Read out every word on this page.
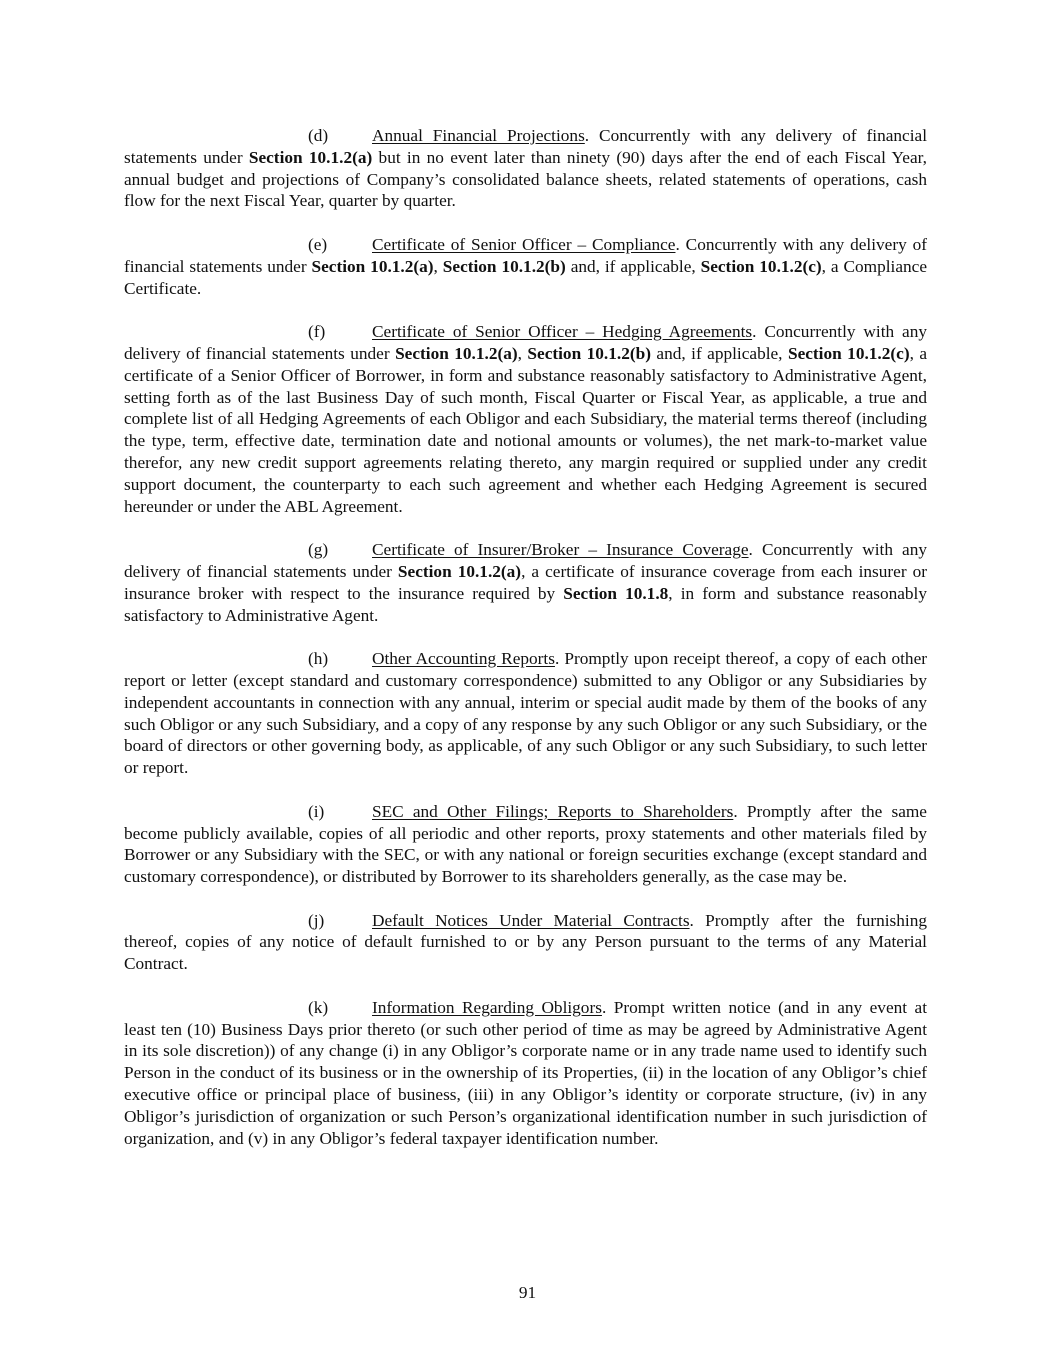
(d)	Annual Financial Projections. Concurrently with any delivery of financial statements under Section 10.1.2(a) but in no event later than ninety (90) days after the end of each Fiscal Year, annual budget and projections of Company’s consolidated balance sheets, related statements of operations, cash flow for the next Fiscal Year, quarter by quarter.

(e)	Certificate of Senior Officer – Compliance. Concurrently with any delivery of financial statements under Section 10.1.2(a), Section 10.1.2(b) and, if applicable, Section 10.1.2(c), a Compliance Certificate.

(f)	Certificate of Senior Officer – Hedging Agreements. Concurrently with any delivery of financial statements under Section 10.1.2(a), Section 10.1.2(b) and, if applicable, Section 10.1.2(c), a certificate of a Senior Officer of Borrower, in form and substance reasonably satisfactory to Administrative Agent, setting forth as of the last Business Day of such month, Fiscal Quarter or Fiscal Year, as applicable, a true and complete list of all Hedging Agreements of each Obligor and each Subsidiary, the material terms thereof (including the type, term, effective date, termination date and notional amounts or volumes), the net mark-to-market value therefor, any new credit support agreements relating thereto, any margin required or supplied under any credit support document, the counterparty to each such agreement and whether each Hedging Agreement is secured hereunder or under the ABL Agreement.

(g)	Certificate of Insurer/Broker – Insurance Coverage. Concurrently with any delivery of financial statements under Section 10.1.2(a), a certificate of insurance coverage from each insurer or insurance broker with respect to the insurance required by Section 10.1.8, in form and substance reasonably satisfactory to Administrative Agent.

(h)	Other Accounting Reports. Promptly upon receipt thereof, a copy of each other report or letter (except standard and customary correspondence) submitted to any Obligor or any Subsidiaries by independent accountants in connection with any annual, interim or special audit made by them of the books of any such Obligor or any such Subsidiary, and a copy of any response by any such Obligor or any such Subsidiary, or the board of directors or other governing body, as applicable, of any such Obligor or any such Subsidiary, to such letter or report.

(i)	SEC and Other Filings; Reports to Shareholders. Promptly after the same become publicly available, copies of all periodic and other reports, proxy statements and other materials filed by Borrower or any Subsidiary with the SEC, or with any national or foreign securities exchange (except standard and customary correspondence), or distributed by Borrower to its shareholders generally, as the case may be.

(j)	Default Notices Under Material Contracts. Promptly after the furnishing thereof, copies of any notice of default furnished to or by any Person pursuant to the terms of any Material Contract.

(k)	Information Regarding Obligors. Prompt written notice (and in any event at least ten (10) Business Days prior thereto (or such other period of time as may be agreed by Administrative Agent in its sole discretion)) of any change (i) in any Obligor’s corporate name or in any trade name used to identify such Person in the conduct of its business or in the ownership of its Properties, (ii) in the location of any Obligor’s chief executive office or principal place of business, (iii) in any Obligor’s identity or corporate structure, (iv) in any Obligor’s jurisdiction of organization or such Person’s organizational identification number in such jurisdiction of organization, and (v) in any Obligor’s federal taxpayer identification number.

91
